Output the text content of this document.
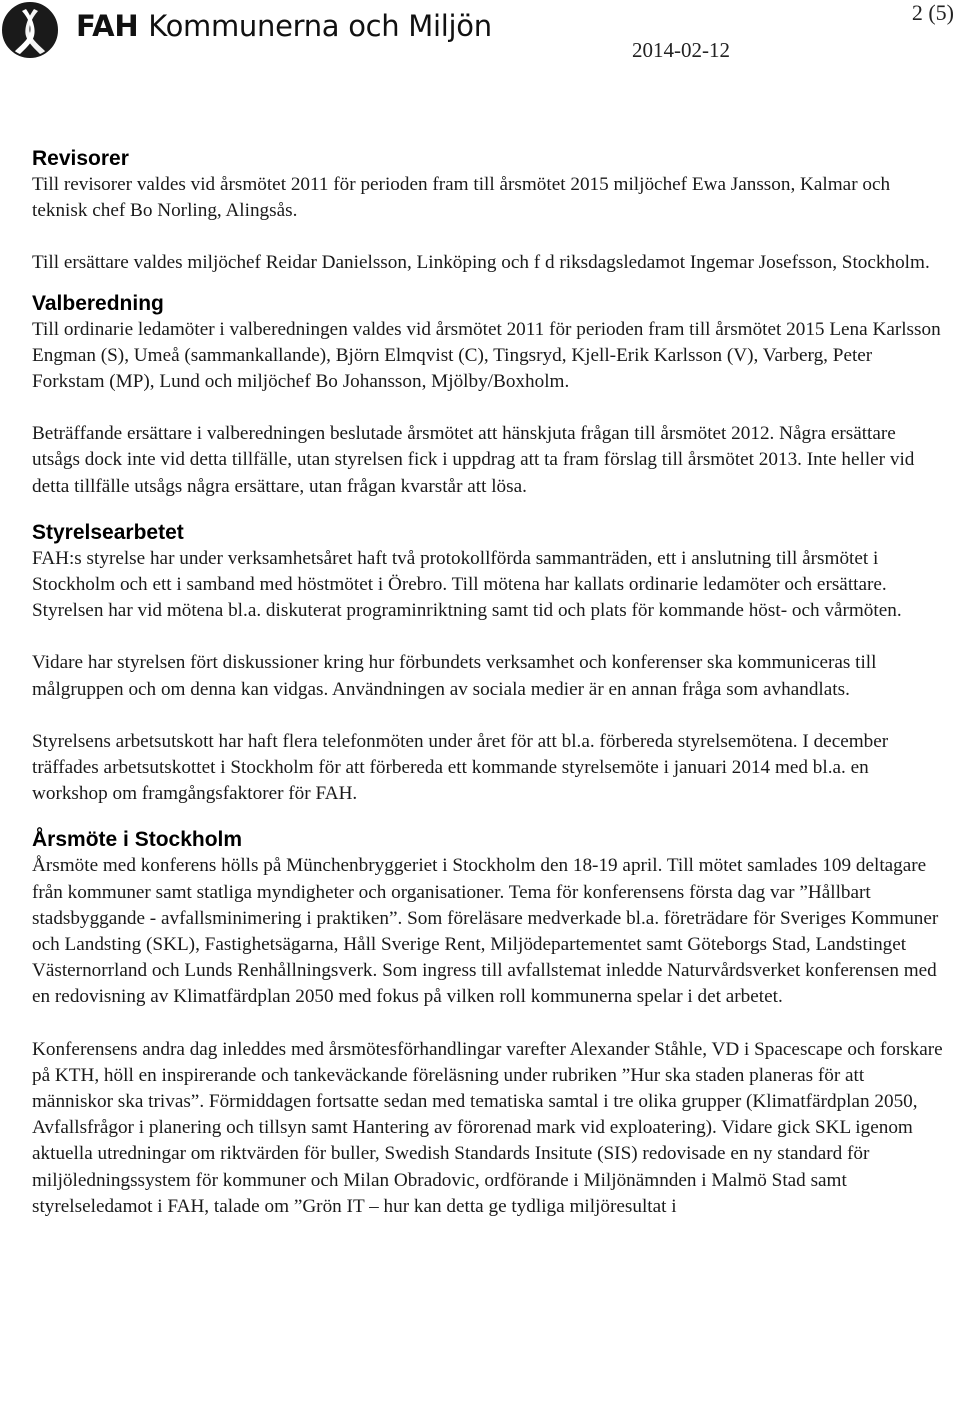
FAH Kommunerna och Miljön
2014-02-12
2 (5)
Revisorer

Till revisorer valdes vid årsmötet 2011 för perioden fram till årsmötet 2015 miljöchef Ewa Jansson, Kalmar och teknisk chef Bo Norling, Alingsås.

Till ersättare valdes miljöchef Reidar Danielsson, Linköping och f d riksdagsledamot Ingemar Josefsson, Stockholm.

Valberedning

Till ordinarie ledamöter i valberedningen valdes vid årsmötet 2011 för perioden fram till årsmötet 2015 Lena Karlsson Engman (S), Umeå (sammankallande), Björn Elmqvist (C), Tingsryd, Kjell-Erik Karlsson (V), Varberg, Peter Forkstam (MP), Lund och miljöchef Bo Johansson, Mjölby/Boxholm.

Beträffande ersättare i valberedningen beslutade årsmötet att hänskjuta frågan till årsmötet 2012. Några ersättare utsågs dock inte vid detta tillfälle, utan styrelsen fick i uppdrag att ta fram förslag till årsmötet 2013. Inte heller vid detta tillfälle utsågs några ersättare, utan frågan kvarstår att lösa.

Styrelsearbetet

FAH:s styrelse har under verksamhetsåret haft två protokollförda sammanträden, ett i anslutning till årsmötet i Stockholm och ett i samband med höstmötet i Örebro. Till mötena har kallats ordinarie ledamöter och ersättare. Styrelsen har vid mötena bl.a. diskuterat programinriktning samt tid och plats för kommande höst- och vårmöten.

Vidare har styrelsen fört diskussioner kring hur förbundets verksamhet och konferenser ska kommuniceras till målgruppen och om denna kan vidgas. Användningen av sociala medier är en annan fråga som avhandlats.

Styrelsens arbetsutskott har haft flera telefonmöten under året för att bl.a. förbereda styrelsemötena. I december träffades arbetsutskottet i Stockholm för att förbereda ett kommande styrelsemöte i januari 2014 med bl.a. en workshop om framgångsfaktorer för FAH.

Årsmöte i Stockholm

Årsmöte med konferens hölls på Münchenbryggeriet i Stockholm den 18-19 april. Till mötet samlades 109 deltagare från kommuner samt statliga myndigheter och organisationer. Tema för konferensens första dag var ”Hållbart stadsbyggande - avfallsminimering i praktiken”. Som föreläsare medverkade bl.a. företrädare för Sveriges Kommuner och Landsting (SKL), Fastighetsägarna, Håll Sverige Rent, Miljödepartementet samt Göteborgs Stad, Landstinget Västernorrland och Lunds Renhållningsverk. Som ingress till avfallstemat inledde Naturvårdsverket konferensen med en redovisning av Klimatfärdplan 2050 med fokus på vilken roll kommunerna spelar i det arbetet.

Konferensens andra dag inleddes med årsmötesförhandlingar varefter Alexander Ståhle, VD i Spacescape och forskare på KTH, höll en inspirerande och tankeväckande föreläsning under rubriken ”Hur ska staden planeras för att människor ska trivas”. Förmiddagen fortsatte sedan med tematiska samtal i tre olika grupper (Klimatfärdplan 2050, Avfallsfrågor i planering och tillsyn samt Hantering av förorenad mark vid exploatering). Vidare gick SKL igenom aktuella utredningar om riktvärden för buller, Swedish Standards Insitute (SIS) redovisade en ny standard för miljöledningssystem för kommuner och Milan Obradovic, ordförande i Miljönämnden i Malmö Stad samt styrelseledamot i FAH, talade om ”Grön IT – hur kan detta ge tydliga miljöresultat i
